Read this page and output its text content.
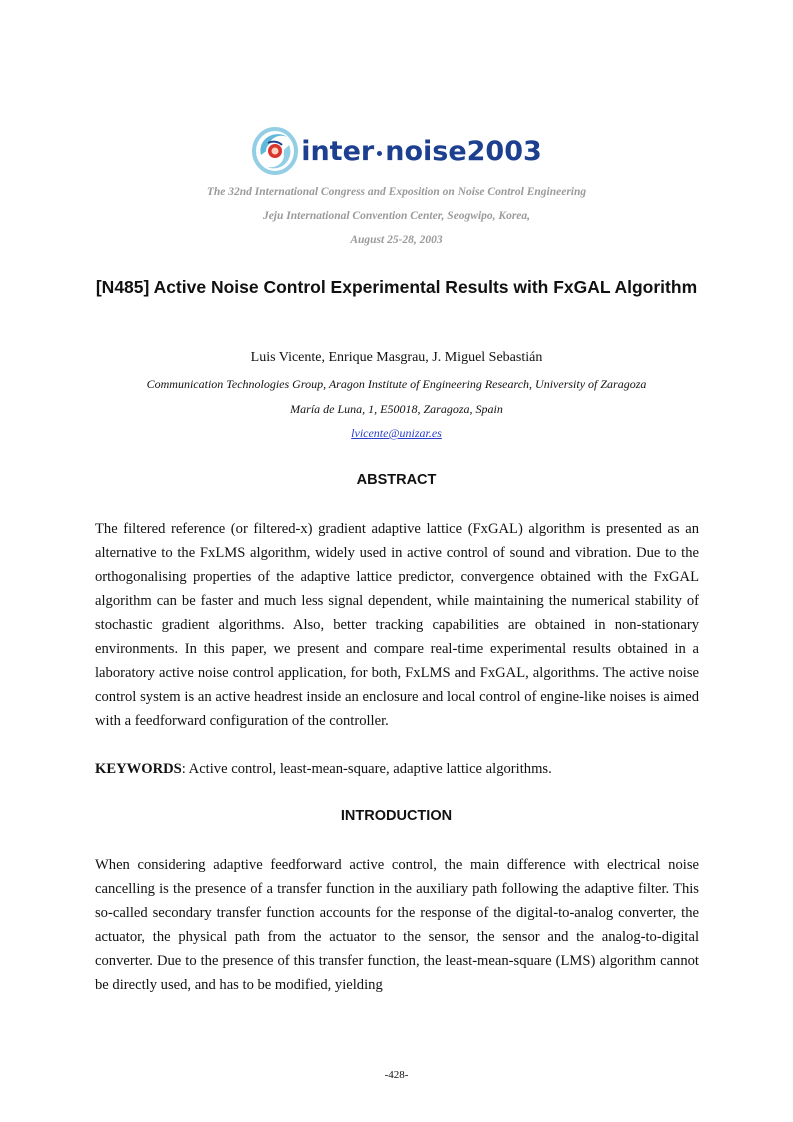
inter noise2003
The 32nd International Congress and Exposition on Noise Control Engineering
Jeju International Convention Center, Seogwipo, Korea,
August 25-28, 2003
[N485] Active Noise Control Experimental Results with FxGAL Algorithm
Luis Vicente, Enrique Masgrau, J. Miguel Sebastián
Communication Technologies Group, Aragon Institute of Engineering Research, University of Zaragoza
María de Luna, 1, E50018, Zaragoza, Spain
lvicente@unizar.es
ABSTRACT
The filtered reference (or filtered-x) gradient adaptive lattice (FxGAL) algorithm is presented as an alternative to the FxLMS algorithm, widely used in active control of sound and vibration. Due to the orthogonalising properties of the adaptive lattice predictor, convergence obtained with the FxGAL algorithm can be faster and much less signal dependent, while maintaining the numerical stability of stochastic gradient algorithms. Also, better tracking capabilities are obtained in non-stationary environments. In this paper, we present and compare real-time experimental results obtained in a laboratory active noise control application, for both, FxLMS and FxGAL, algorithms. The active noise control system is an active headrest inside an enclosure and local control of engine-like noises is aimed with a feedforward configuration of the controller.
KEYWORDS: Active control, least-mean-square, adaptive lattice algorithms.
INTRODUCTION
When considering adaptive feedforward active control, the main difference with electrical noise cancelling is the presence of a transfer function in the auxiliary path following the adaptive filter. This so-called secondary transfer function accounts for the response of the digital-to-analog converter, the actuator, the physical path from the actuator to the sensor, the sensor and the analog-to-digital converter. Due to the presence of this transfer function, the least-mean-square (LMS) algorithm cannot be directly used, and has to be modified, yielding
-428-
